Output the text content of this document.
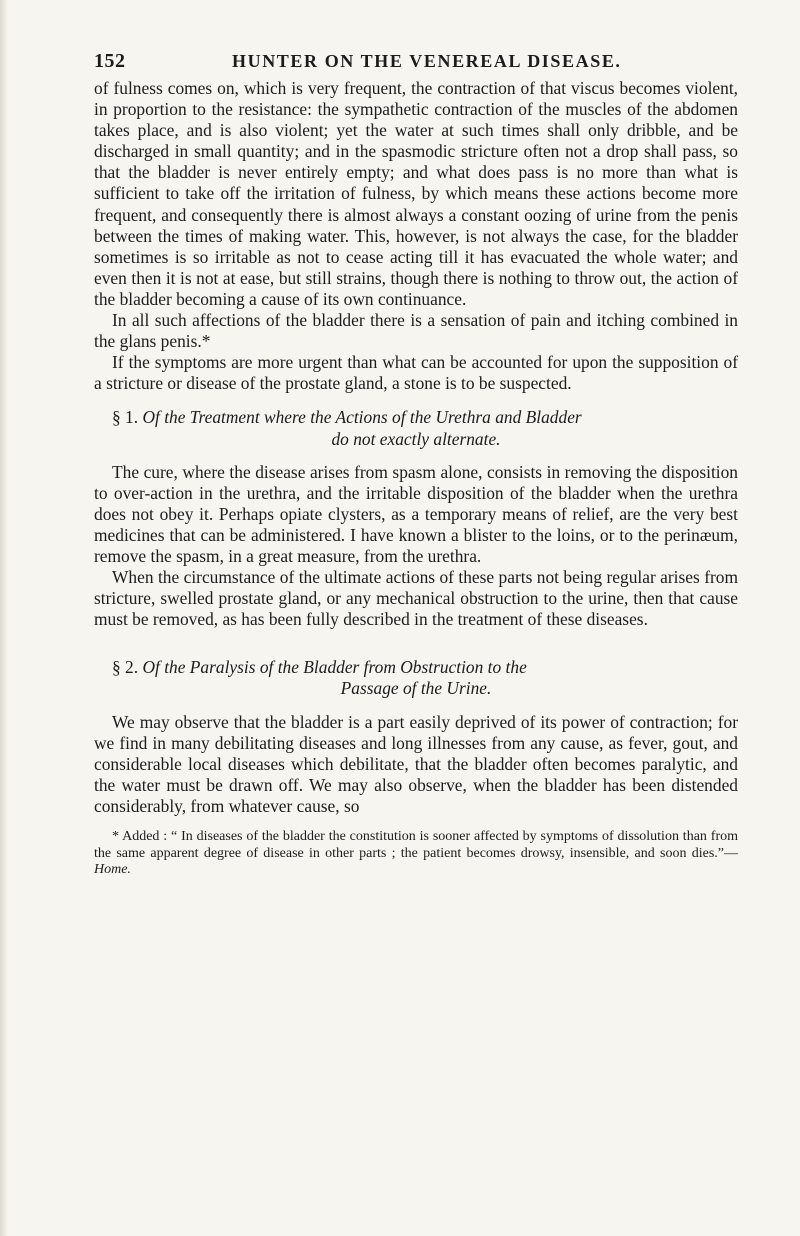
152	HUNTER ON THE VENEREAL DISEASE.

of fulness comes on, which is very frequent, the contraction of that viscus becomes violent, in proportion to the resistance: the sympathetic contraction of the muscles of the abdomen takes place, and is also violent; yet the water at such times shall only dribble, and be discharged in small quantity; and in the spasmodic stricture often not a drop shall pass, so that the bladder is never entirely empty; and what does pass is no more than what is sufficient to take off the irritation of fulness, by which means these actions become more frequent, and consequently there is almost always a constant oozing of urine from the penis between the times of making water. This, however, is not always the case, for the bladder sometimes is so irritable as not to cease acting till it has evacuated the whole water; and even then it is not at ease, but still strains, though there is nothing to throw out, the action of the bladder becoming a cause of its own continuance.

In all such affections of the bladder there is a sensation of pain and itching combined in the glans penis.*

If the symptoms are more urgent than what can be accounted for upon the supposition of a stricture or disease of the prostate gland, a stone is to be suspected.

§ 1. Of the Treatment where the Actions of the Urethra and Bladder
do not exactly alternate.

The cure, where the disease arises from spasm alone, consists in removing the disposition to over-action in the urethra, and the irritable disposition of the bladder when the urethra does not obey it. Perhaps opiate clysters, as a temporary means of relief, are the very best medicines that can be administered. I have known a blister to the loins, or to the perinæum, remove the spasm, in a great measure, from the urethra.

When the circumstance of the ultimate actions of these parts not being regular arises from stricture, swelled prostate gland, or any mechanical obstruction to the urine, then that cause must be removed, as has been fully described in the treatment of these diseases.

§ 2. Of the Paralysis of the Bladder from Obstruction to the
Passage of the Urine.

We may observe that the bladder is a part easily deprived of its power of contraction; for we find in many debilitating diseases and long illnesses from any cause, as fever, gout, and considerable local diseases which debilitate, that the bladder often becomes paralytic, and the water must be drawn off. We may also observe, when the bladder has been distended considerably, from whatever cause, so

* Added : “ In diseases of the bladder the constitution is sooner affected by symptoms of dissolution than from the same apparent degree of disease in other parts ; the patient becomes drowsy, insensible, and soon dies.”—Home.
